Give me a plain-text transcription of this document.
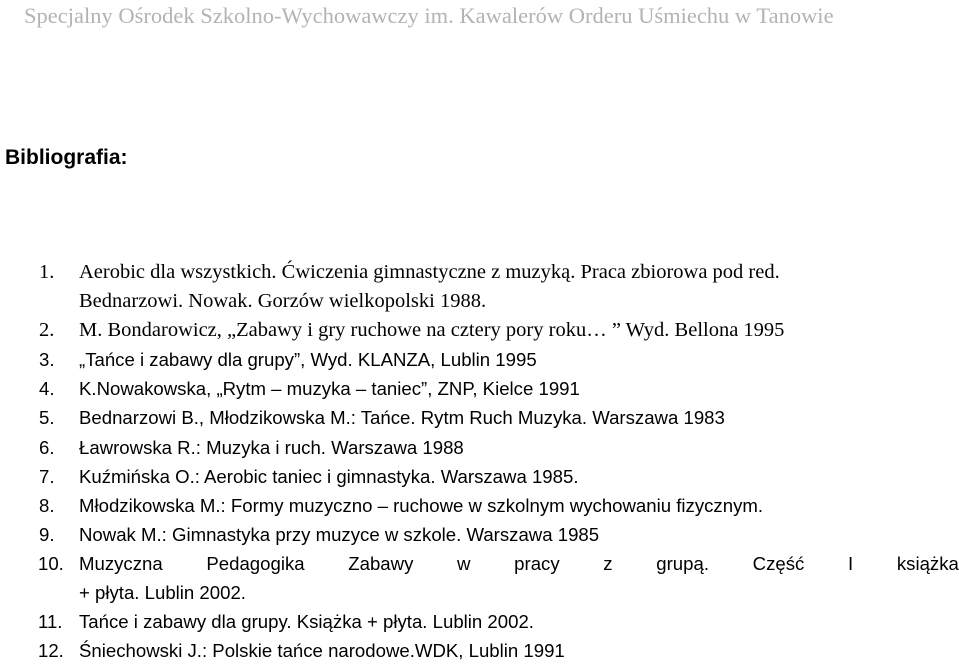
Specjalny Ośrodek Szkolno-Wychowawczy im. Kawalerów Orderu Uśmiechu w Tanowie
Bibliografia:
1. Aerobic dla wszystkich. Ćwiczenia gimnastyczne z muzyką. Praca zbiorowa pod red.
Bednarzowi. Nowak. Gorzów wielkopolski 1988.
2. M. Bondarowicz, „Zabawy i gry ruchowe na cztery pory roku… ” Wyd. Bellona 1995
3. „Tańce i zabawy dla grupy”, Wyd. KLANZA, Lublin 1995
4. K.Nowakowska, „Rytm – muzyka – taniec”, ZNP, Kielce 1991
5. Bednarzowi B., Młodzikowska M.: Tańce. Rytm Ruch Muzyka. Warszawa 1983
6. Ławrowska R.: Muzyka i ruch. Warszawa 1988
7. Kuźmińska O.: Aerobic taniec i gimnastyka. Warszawa 1985.
8. Młodzikowska M.: Formy muzyczno – ruchowe w szkolnym wychowaniu fizycznym.
9. Nowak M.: Gimnastyka przy muzyce w szkole. Warszawa 1985
10. Muzyczna Pedagogika Zabawy w pracy z grupą. Część I książka
+ płyta. Lublin 2002.
11. Tańce i zabawy dla grupy. Książka + płyta. Lublin 2002.
12. Śniechowski J.: Polskie tańce narodowe.WDK, Lublin 1991
